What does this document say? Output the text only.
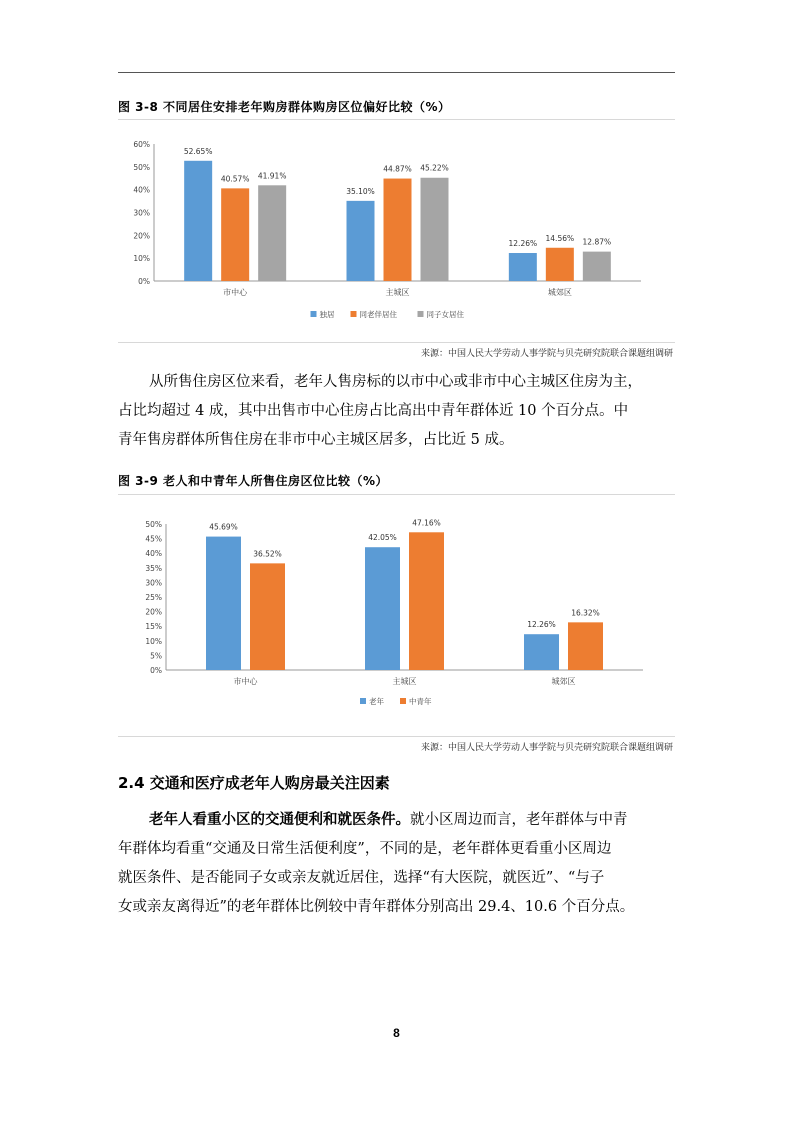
图 3-8 不同居住安排老年购房群体购房区位偏好比较（%）
0%
10%
20%
30%
40%
50%
60%
市中心
52.65%
40.57% 41.91%
主城区
35.10%
44.87% 45.22%
城郊区
12.26%
14.56% 12.87%
独居	同老伴居住	同子女居住
来源：中国人民大学劳动人事学院与贝壳研究院联合课题组调研
从所售住房区位来看，老年人售房标的以市中心或非市中心主城区住房为主，
占比均超过 4 成，其中出售市中心住房占比高出中青年群体近 10 个百分点。中
青年售房群体所售住房在非市中心主城区居多，占比近 5 成。
图 3-9 老人和中青年人所售住房区位比较（%）
0%
5%
10%
15%
20%
25%
30%
35%
40%
45%
50%
市中心
45.69%
36.52%
主城区
42.05%
47.16%
城郊区
12.26%
16.32%
老年	中青年
来源：中国人民大学劳动人事学院与贝壳研究院联合课题组调研
2.4 交通和医疗成老年人购房最关注因素
老年人看重小区的交通便利和就医条件。就小区周边而言，老年群体与中青
年群体均看重“交通及日常生活便利度”，不同的是，老年群体更看重小区周边
就医条件、是否能同子女或亲友就近居住，选择“有大医院，就医近”、“与子
女或亲友离得近”的老年群体比例较中青年群体分别高出 29.4、10.6 个百分点。
8
